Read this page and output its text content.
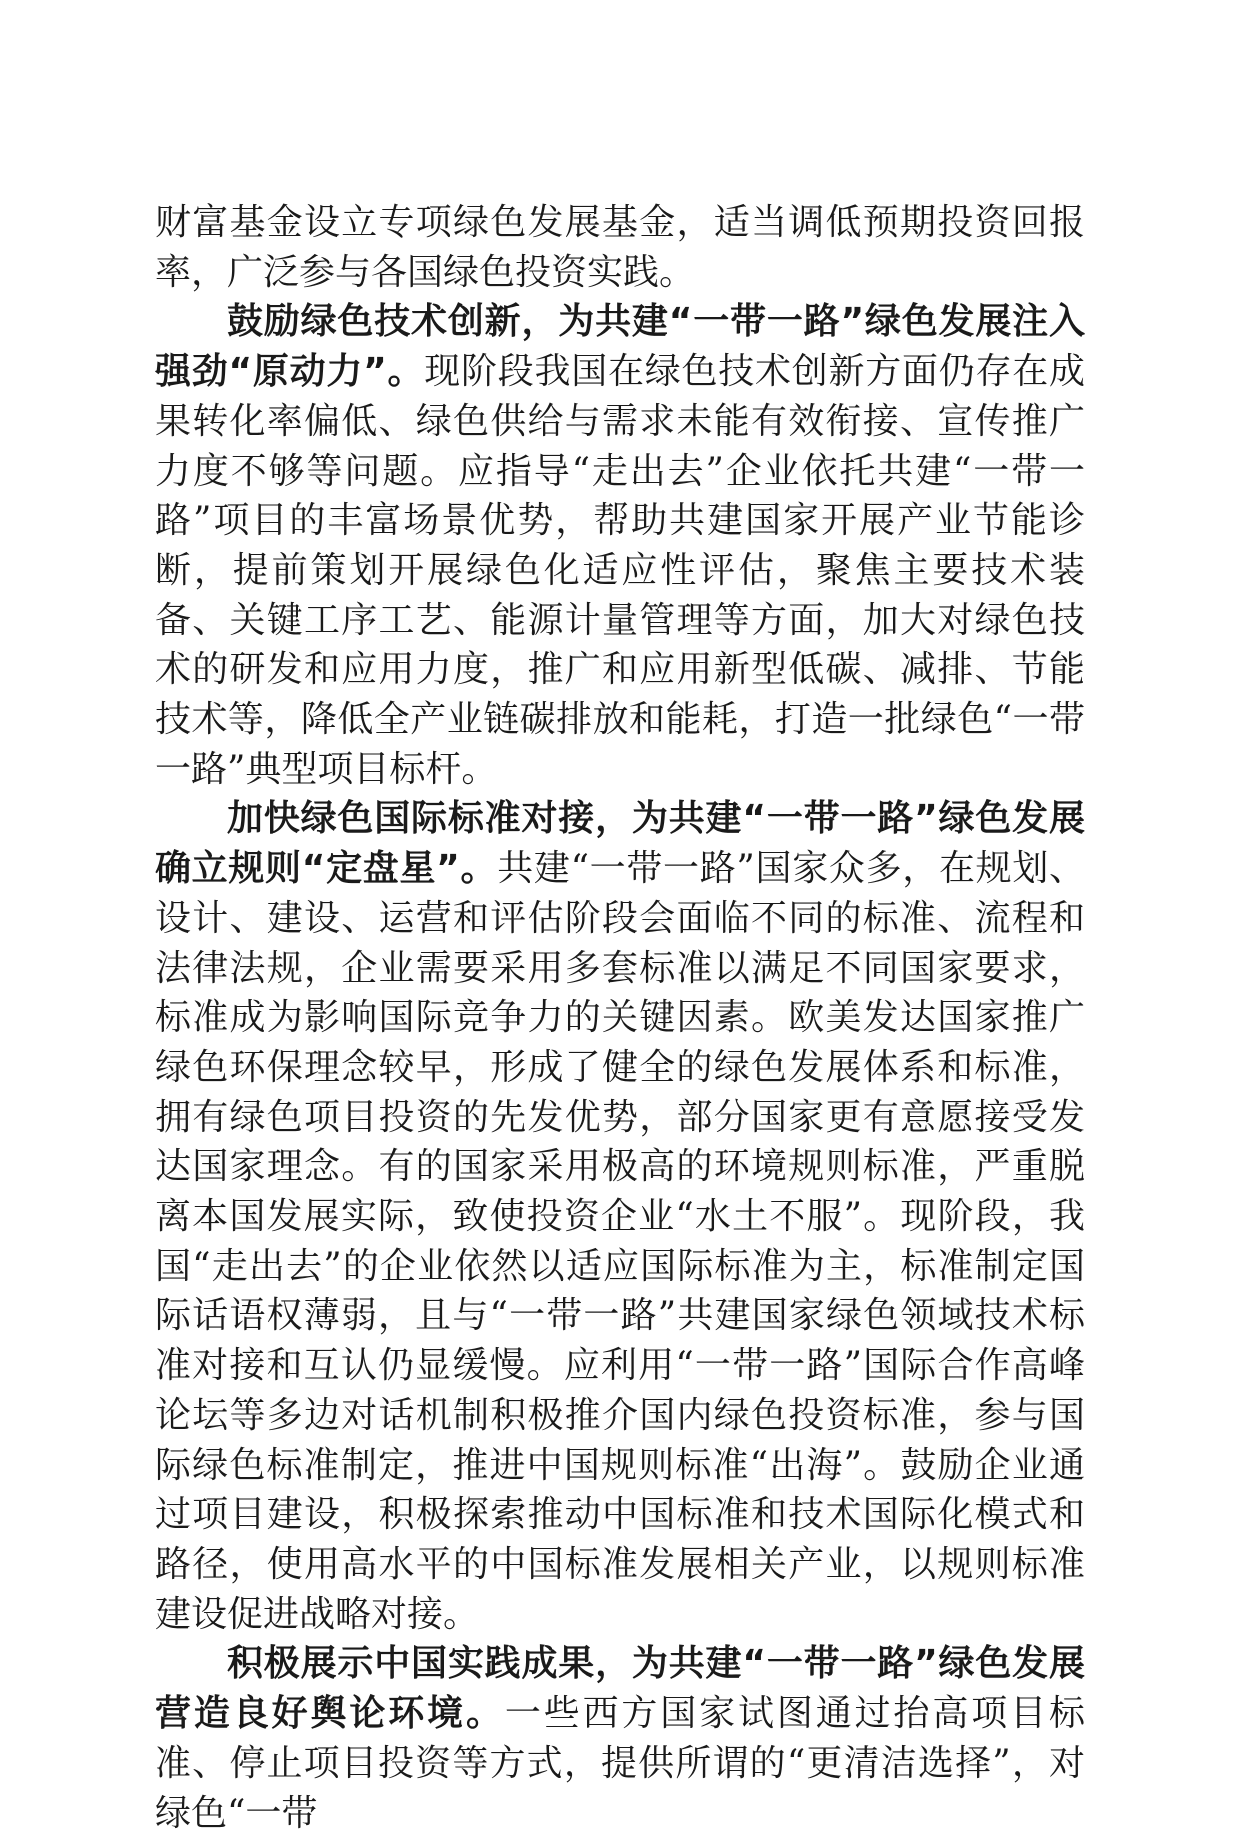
财富基金设立专项绿色发展基金，适当调低预期投资回报率，广泛参与各国绿色投资实践。

鼓励绿色技术创新，为共建“一带一路”绿色发展注入强劲“原动力”。现阶段我国在绿色技术创新方面仍存在成果转化率偏低、绿色供给与需求未能有效衔接、宣传推广力度不够等问题。应指导“走出去”企业依托共建“一带一路”项目的丰富场景优势，帮助共建国家开展产业节能诊断，提前策划开展绿色化适应性评估，聚焦主要技术装备、关键工序工艺、能源计量管理等方面，加大对绿色技术的研发和应用力度，推广和应用新型低碳、减排、节能技术等，降低全产业链碳排放和能耗，打造一批绿色“一带一路”典型项目标杆。

加快绿色国际标准对接，为共建“一带一路”绿色发展确立规则“定盘星”。共建“一带一路”国家众多，在规划、设计、建设、运营和评估阶段会面临不同的标准、流程和法律法规，企业需要采用多套标准以满足不同国家要求，标准成为影响国际竞争力的关键因素。欧美发达国家推广绿色环保理念较早，形成了健全的绿色发展体系和标准，拥有绿色项目投资的先发优势，部分国家更有意愿接受发达国家理念。有的国家采用极高的环境规则标准，严重脱离本国发展实际，致使投资企业“水土不服”。现阶段，我国“走出去”的企业依然以适应国际标准为主，标准制定国际话语权薄弱，且与“一带一路”共建国家绿色领域技术标准对接和互认仍显缓慢。应利用“一带一路”国际合作高峰论坛等多边对话机制积极推介国内绿色投资标准，参与国际绿色标准制定，推进中国规则标准“出海”。鼓励企业通过项目建设，积极探索推动中国标准和技术国际化模式和路径，使用高水平的中国标准发展相关产业，以规则标准建设促进战略对接。

积极展示中国实践成果，为共建“一带一路”绿色发展营造良好舆论环境。一些西方国家试图通过抬高项目标准、停止项目投资等方式，提供所谓的“更清洁选择”，对绿色“一带
